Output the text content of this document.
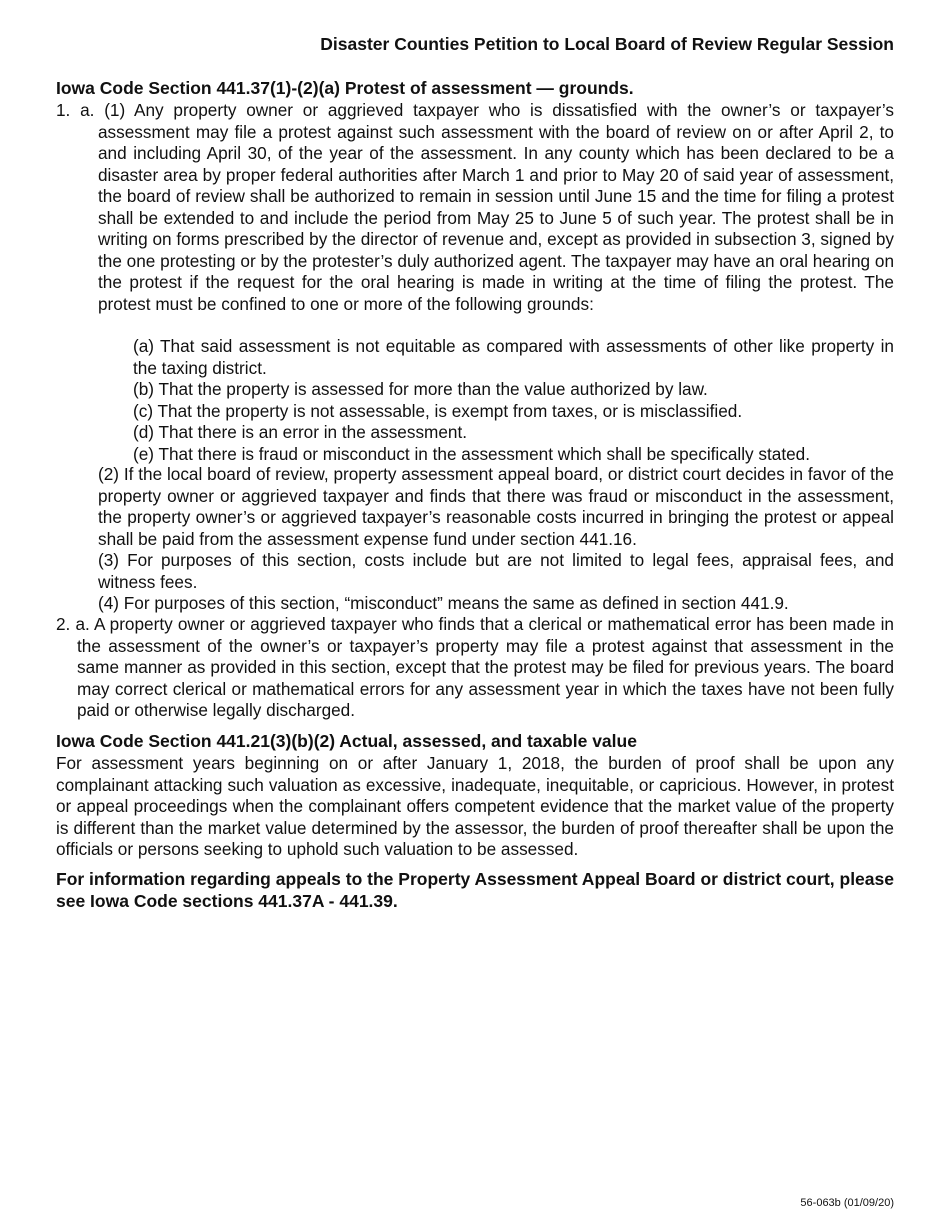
Disaster Counties Petition to Local Board of Review Regular Session
Iowa Code Section 441.37(1)-(2)(a) Protest of assessment — grounds.
1. a. (1) Any property owner or aggrieved taxpayer who is dissatisfied with the owner’s or taxpayer’s assessment may file a protest against such assessment with the board of review on or after April 2, to and including April 30, of the year of the assessment. In any county which has been declared to be a disaster area by proper federal authorities after March 1 and prior to May 20 of said year of assessment, the board of review shall be authorized to remain in session until June 15 and the time for filing a protest shall be extended to and include the period from May 25 to June 5 of such year. The protest shall be in writing on forms prescribed by the director of revenue and, except as provided in subsection 3, signed by the one protesting or by the protester’s duly authorized agent. The taxpayer may have an oral hearing on the protest if the request for the oral hearing is made in writing at the time of filing the protest. The protest must be confined to one or more of the following grounds:
(a) That said assessment is not equitable as compared with assessments of other like property in the taxing district.
(b) That the property is assessed for more than the value authorized by law.
(c) That the property is not assessable, is exempt from taxes, or is misclassified.
(d) That there is an error in the assessment.
(e) That there is fraud or misconduct in the assessment which shall be specifically stated.
(2) If the local board of review, property assessment appeal board, or district court decides in favor of the property owner or aggrieved taxpayer and finds that there was fraud or misconduct in the assessment, the property owner’s or aggrieved taxpayer’s reasonable costs incurred in bringing the protest or appeal shall be paid from the assessment expense fund under section 441.16.
(3) For purposes of this section, costs include but are not limited to legal fees, appraisal fees, and witness fees.
(4) For purposes of this section, “misconduct” means the same as defined in section 441.9.
2. a. A property owner or aggrieved taxpayer who finds that a clerical or mathematical error has been made in the assessment of the owner’s or taxpayer’s property may file a protest against that assessment in the same manner as provided in this section, except that the protest may be filed for previous years. The board may correct clerical or mathematical errors for any assessment year in which the taxes have not been fully paid or otherwise legally discharged.
Iowa Code Section 441.21(3)(b)(2) Actual, assessed, and taxable value
For assessment years beginning on or after January 1, 2018, the burden of proof shall be upon any complainant attacking such valuation as excessive, inadequate, inequitable, or capricious. However, in protest or appeal proceedings when the complainant offers competent evidence that the market value of the property is different than the market value determined by the assessor, the burden of proof thereafter shall be upon the officials or persons seeking to uphold such valuation to be assessed.
For information regarding appeals to the Property Assessment Appeal Board or district court, please see Iowa Code sections 441.37A - 441.39.
56-063b (01/09/20)
